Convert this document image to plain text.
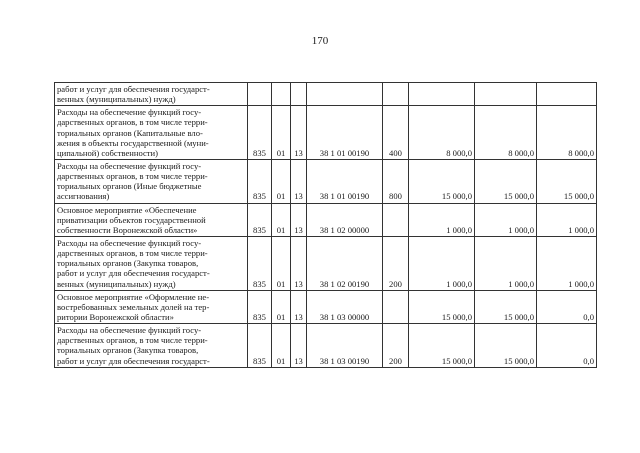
170
работ и услуг для обеспечения государст-
венных (муниципальных) нужд)								

Расходы на обеспечение функций госу-
дарственных органов, в том числе терри-
ториальных органов (Капитальные вло-
жения в объекты государственной (муни-
ципальной) собственности)	835	01	13	38 1 01 00190	400	8 000,0	8 000,0	8 000,0

Расходы на обеспечение функций госу-
дарственных органов, в том числе терри-
ториальных органов (Иные бюджетные
ассигнования)	835	01	13	38 1 01 00190	800	15 000,0	15 000,0	15 000,0

Основное мероприятие «Обеспечение
приватизации объектов государственной
собственности Воронежской области»	835	01	13	38 1 02 00000		1 000,0	1 000,0	1 000,0

Расходы на обеспечение функций госу-
дарственных органов, в том числе терри-
ториальных органов (Закупка товаров,
работ и услуг для обеспечения государст-
венных (муниципальных) нужд)	835	01	13	38 1 02 00190	200	1 000,0	1 000,0	1 000,0

Основное мероприятие «Оформление не-
востребованных земельных долей на тер-
ритории Воронежской области»	835	01	13	38 1 03 00000		15 000,0	15 000,0	0,0

Расходы на обеспечение функций госу-
дарственных органов, в том числе терри-
ториальных органов (Закупка товаров,
работ и услуг для обеспечения государст-	835	01	13	38 1 03 00190	200	15 000,0	15 000,0	0,0
